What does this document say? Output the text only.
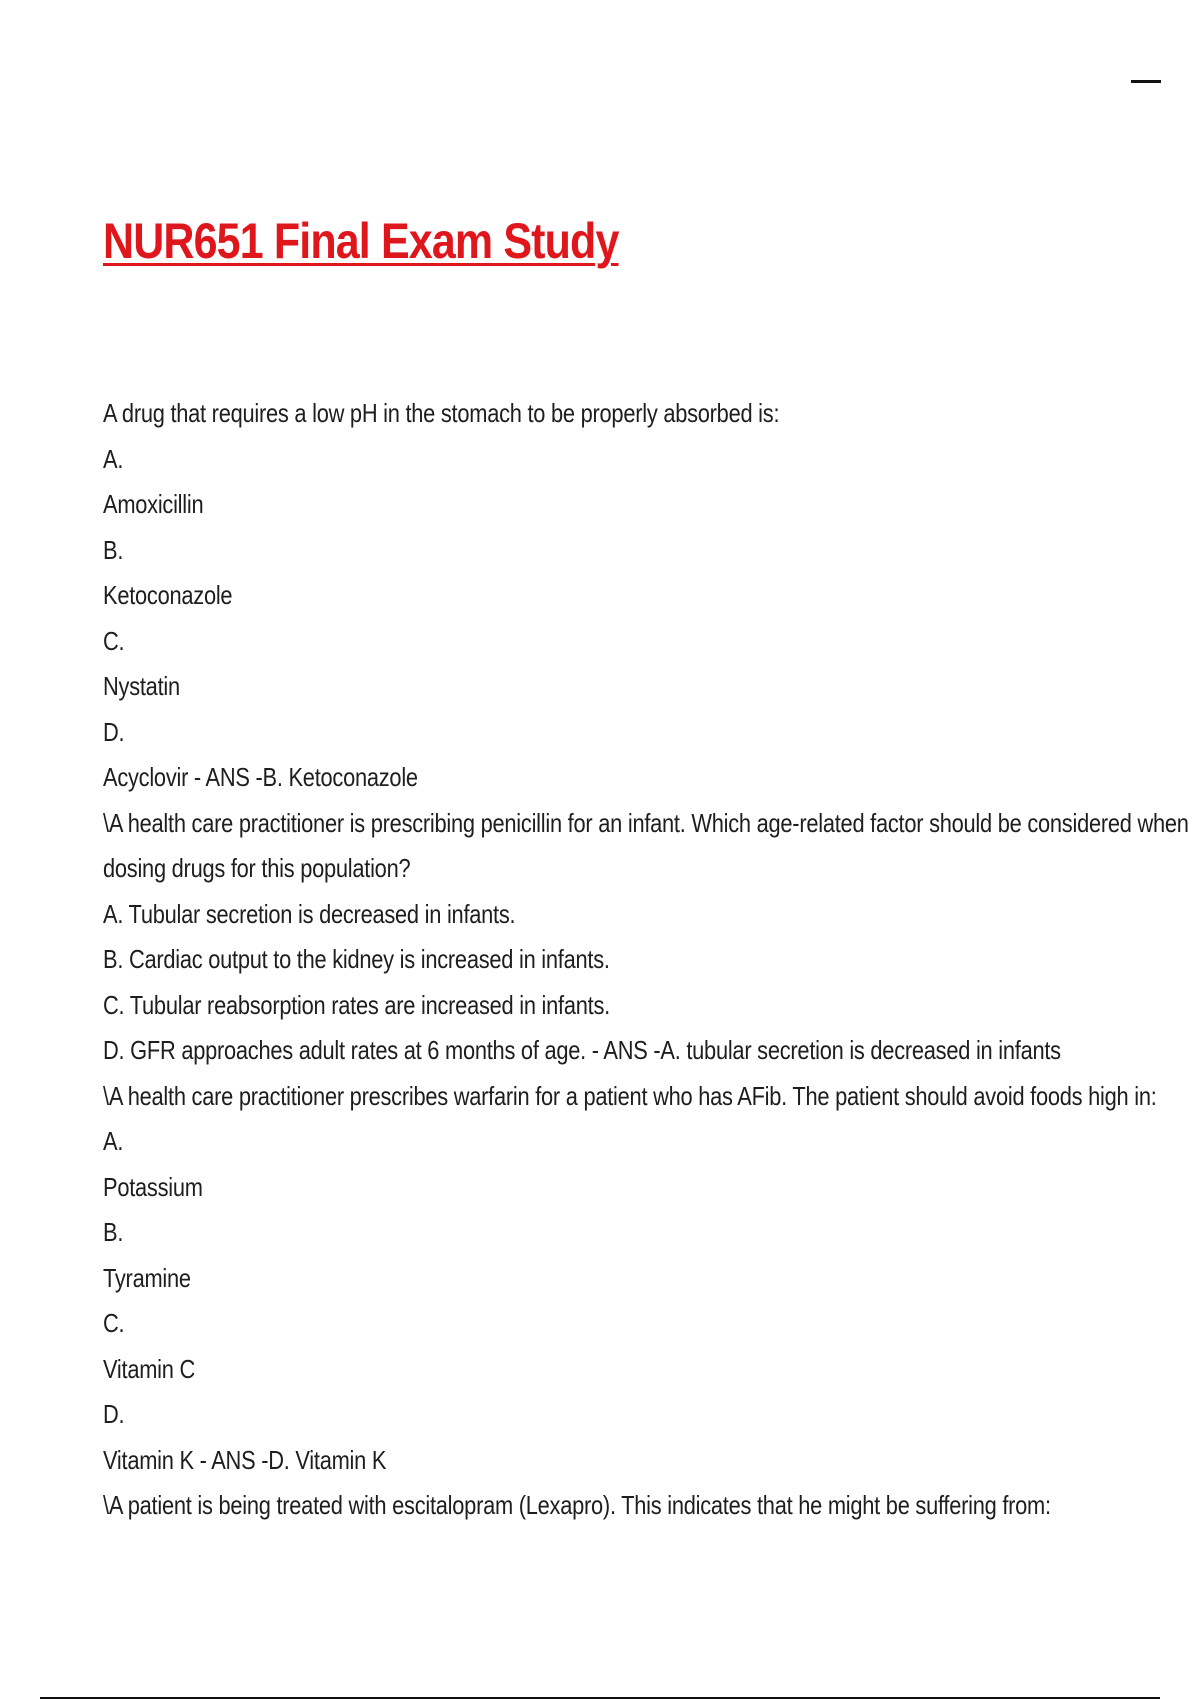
NUR651 Final Exam Study
A drug that requires a low pH in the stomach to be properly absorbed is:
A.
Amoxicillin
B.
Ketoconazole
C.
Nystatin
D.
Acyclovir - ANS -B. Ketoconazole
\A health care practitioner is prescribing penicillin for an infant. Which age-related factor should be considered when
dosing drugs for this population?
A. Tubular secretion is decreased in infants.
B. Cardiac output to the kidney is increased in infants.
C. Tubular reabsorption rates are increased in infants.
D. GFR approaches adult rates at 6 months of age. - ANS -A. tubular secretion is decreased in infants
\A health care practitioner prescribes warfarin for a patient who has AFib. The patient should avoid foods high in:
A.
Potassium
B.
Tyramine
C.
Vitamin C
D.
Vitamin K - ANS -D. Vitamin K
\A patient is being treated with escitalopram (Lexapro). This indicates that he might be suffering from:
